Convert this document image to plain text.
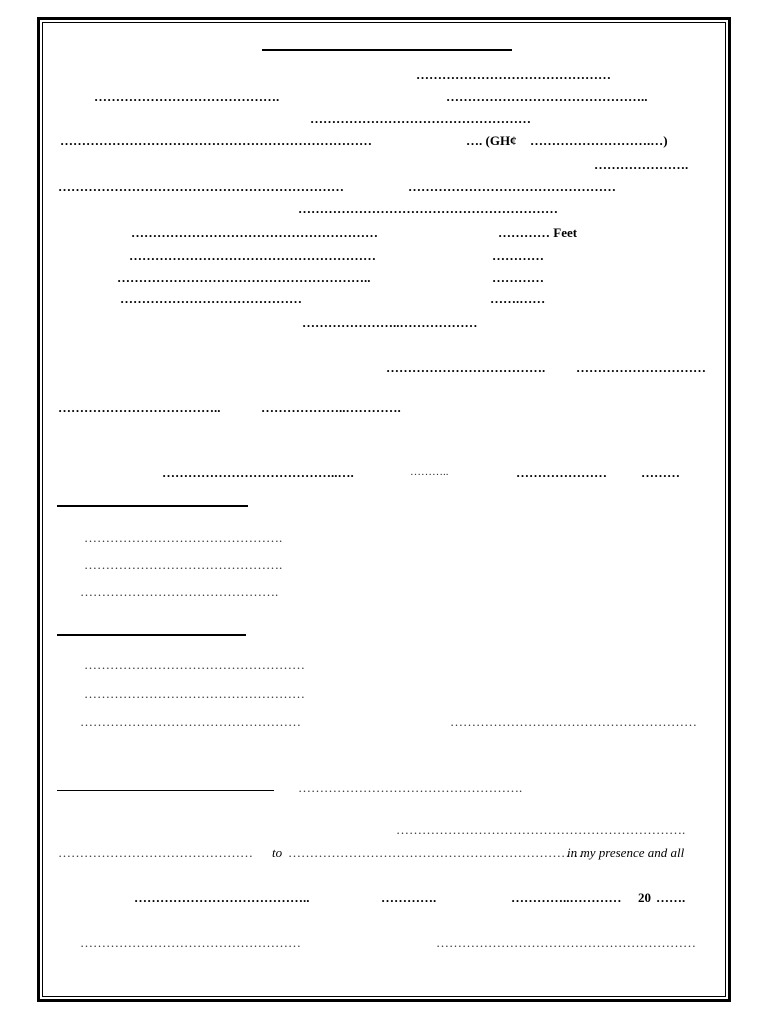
………………………………………
…………………………………….	………………………………………..
……………………………………………
………………………………………………………………	…. (GH¢ ……………………….…)
………………….
…………………………………………………………	…………………………………………
……………………………………………………
…………………………………………………	………… Feet
…………………………………………………	…………
…………………………………………………..	…………
……………………………………	…….……
…………………..………………
………………………………. …………………………
………………………………..	………………..………….
…………………………………..….	………..	…………………	………
……………………………………….
……………………………………….
……………………………………….
……………………………………………
……………………………………………
……………………………………………	…………………………………………………
…………………………………………….
………………………………………………………….
……………………………………… to ……………………………………………………………
in my presence and all
…………………………………..	………….	…………..………… 20 …….
……………………………………………	……………………………………………………
